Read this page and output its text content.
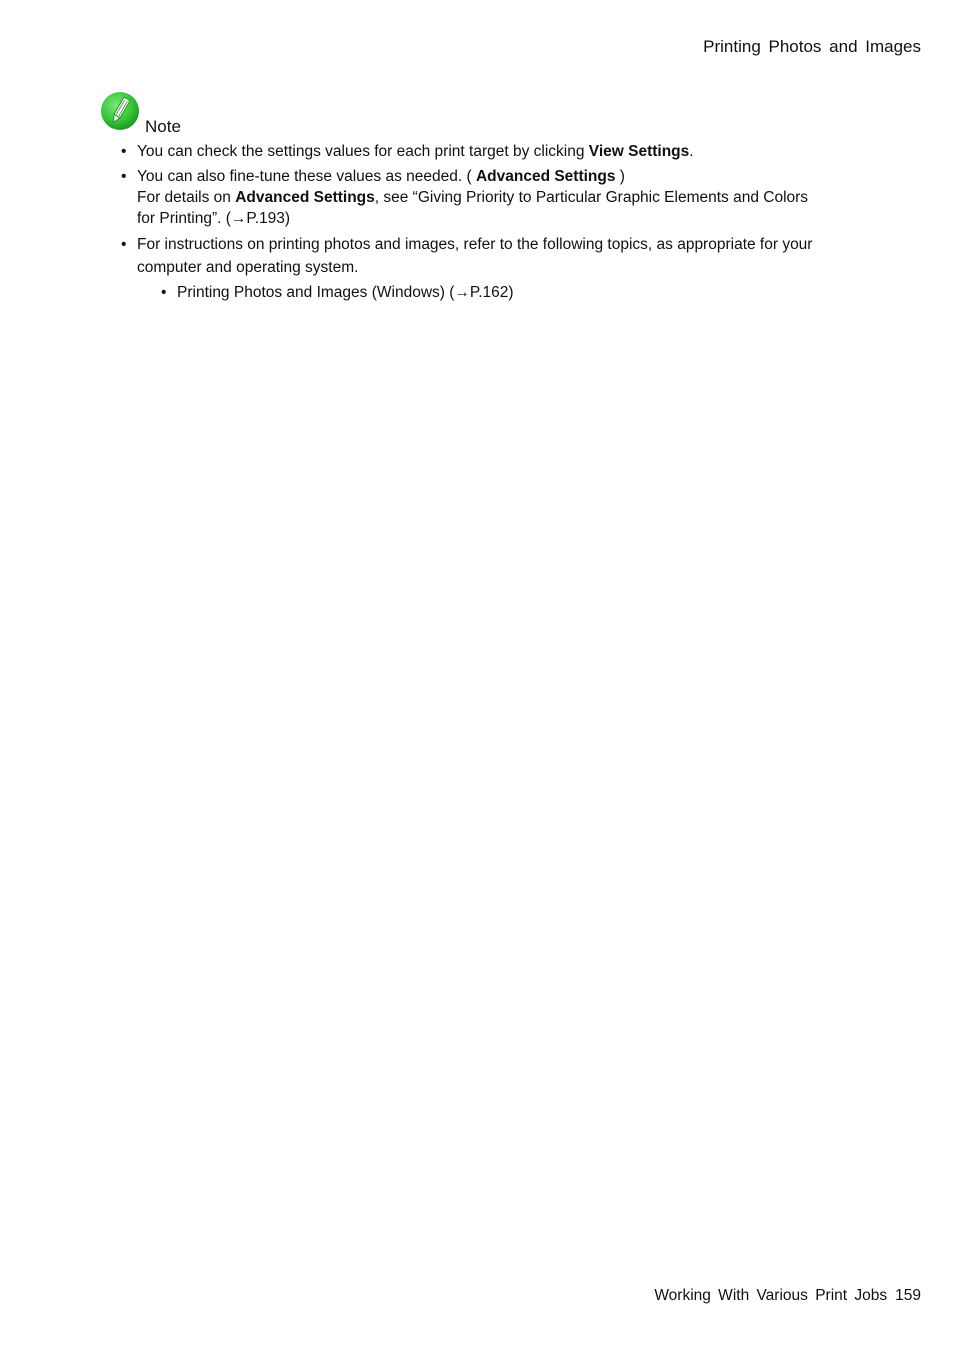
Printing Photos and Images
Note
• You can check the settings values for each print target by clicking View Settings.
• You can also fine-tune these values as needed. ( Advanced Settings )
For details on Advanced Settings, see “Giving Priority to Particular Graphic Elements and Colors
for Printing”. (→P.193)
• For instructions on printing photos and images, refer to the following topics, as appropriate for your computer and operating system.
• Printing Photos and Images (Windows) (→P.162)
Working With Various Print Jobs 159
